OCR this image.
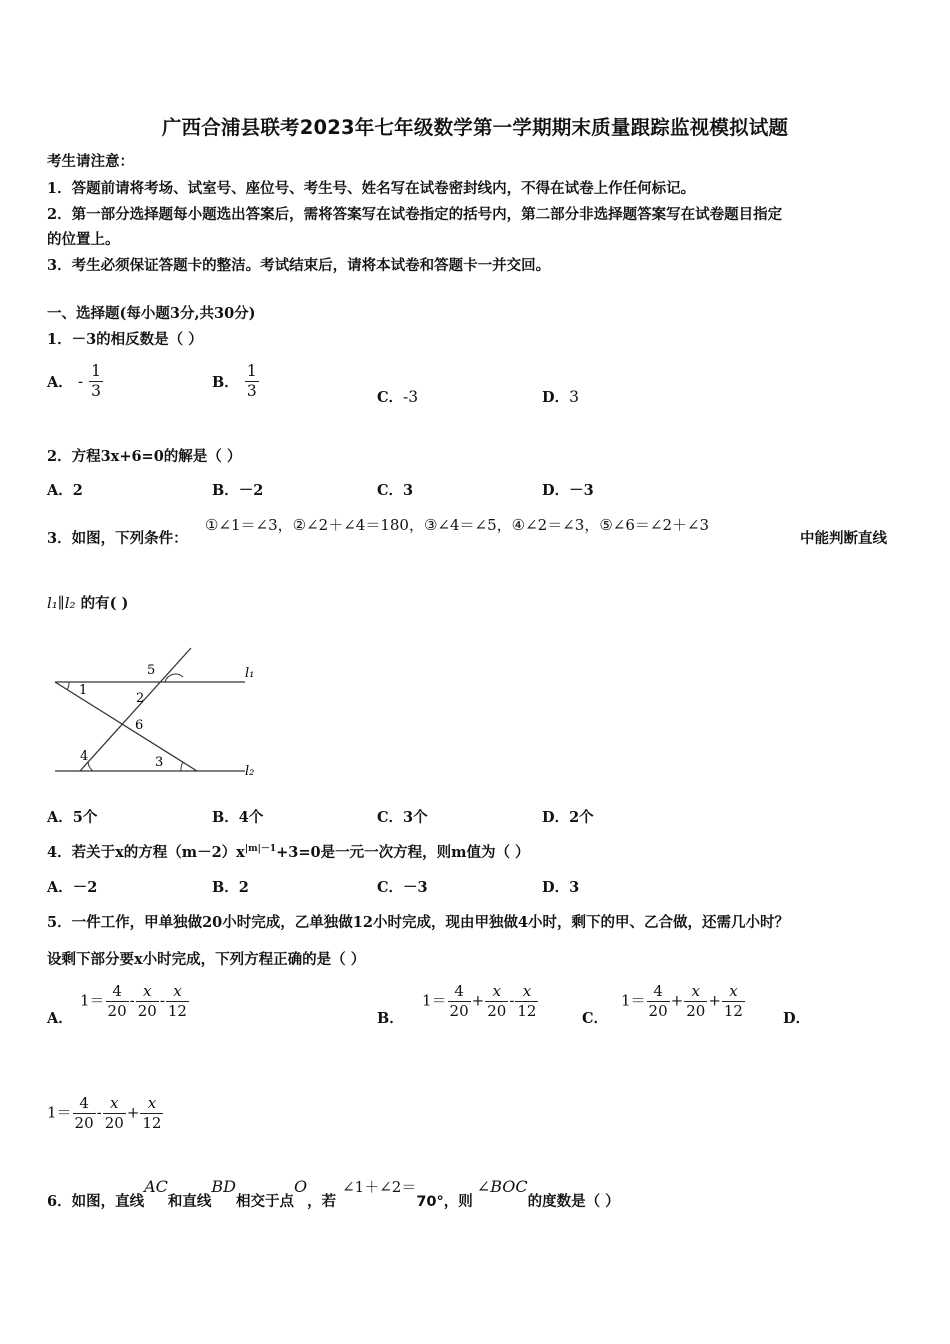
广西合浦县联考2023年七年级数学第一学期期末质量跟踪监视模拟试题
考生请注意：
1．答题前请将考场、试室号、座位号、考生号、姓名写在试卷密封线内，不得在试卷上作任何标记。
2．第一部分选择题每小题选出答案后，需将答案写在试卷指定的括号内，第二部分非选择题答案写在试卷题目指定
的位置上。
3．考生必须保证答题卡的整洁。考试结束后，请将本试卷和答题卡一并交回。
一、选择题(每小题3分,共30分)
1．－3的相反数是（ ）
A． - $\frac{1}{3}$	B． $\frac{1}{3}$	C．-3	D．3
2．方程3x+6=0的解是（ ）
A．2	B．－2	C．3	D．－3
3．如图，下列条件：
①∠1＝∠3，②∠2＋∠4＝180，③∠4＝∠5，④∠2＝∠3，⑤∠6＝∠2＋∠3
中能判断直线
l₁∥l₂ 的有( )
1
2
3
4
5
6
l₁
l₂
A．5个	B．4个	C．3个	D．2个
4．若关于x的方程$(m-2)x^{|m|-1}+3=0$是一元一次方程，则m值为（ ）
A．－2	B．2	C．－3	D．3
5．一件工作，甲单独做20小时完成，乙单独做12小时完成，现由甲独做4小时，剩下的甲、乙合做，还需几小时？
设剩下部分要x小时完成，下列方程正确的是（ ）
A．
$1= \frac{4}{20} - \frac{x}{20} - \frac{x}{12}$	B．
$1= \frac{4}{20} + \frac{x}{20} - \frac{x}{12}$	C．
$1= \frac{4}{20} + \frac{x}{20} + \frac{x}{12}$	D．
$1= \frac{4}{20} - \frac{x}{20} + \frac{x}{12}$
6．如图，直线AC和直线BD相交于点O，若∠1＋∠2＝70°，则∠BOC的度数是（ ）
